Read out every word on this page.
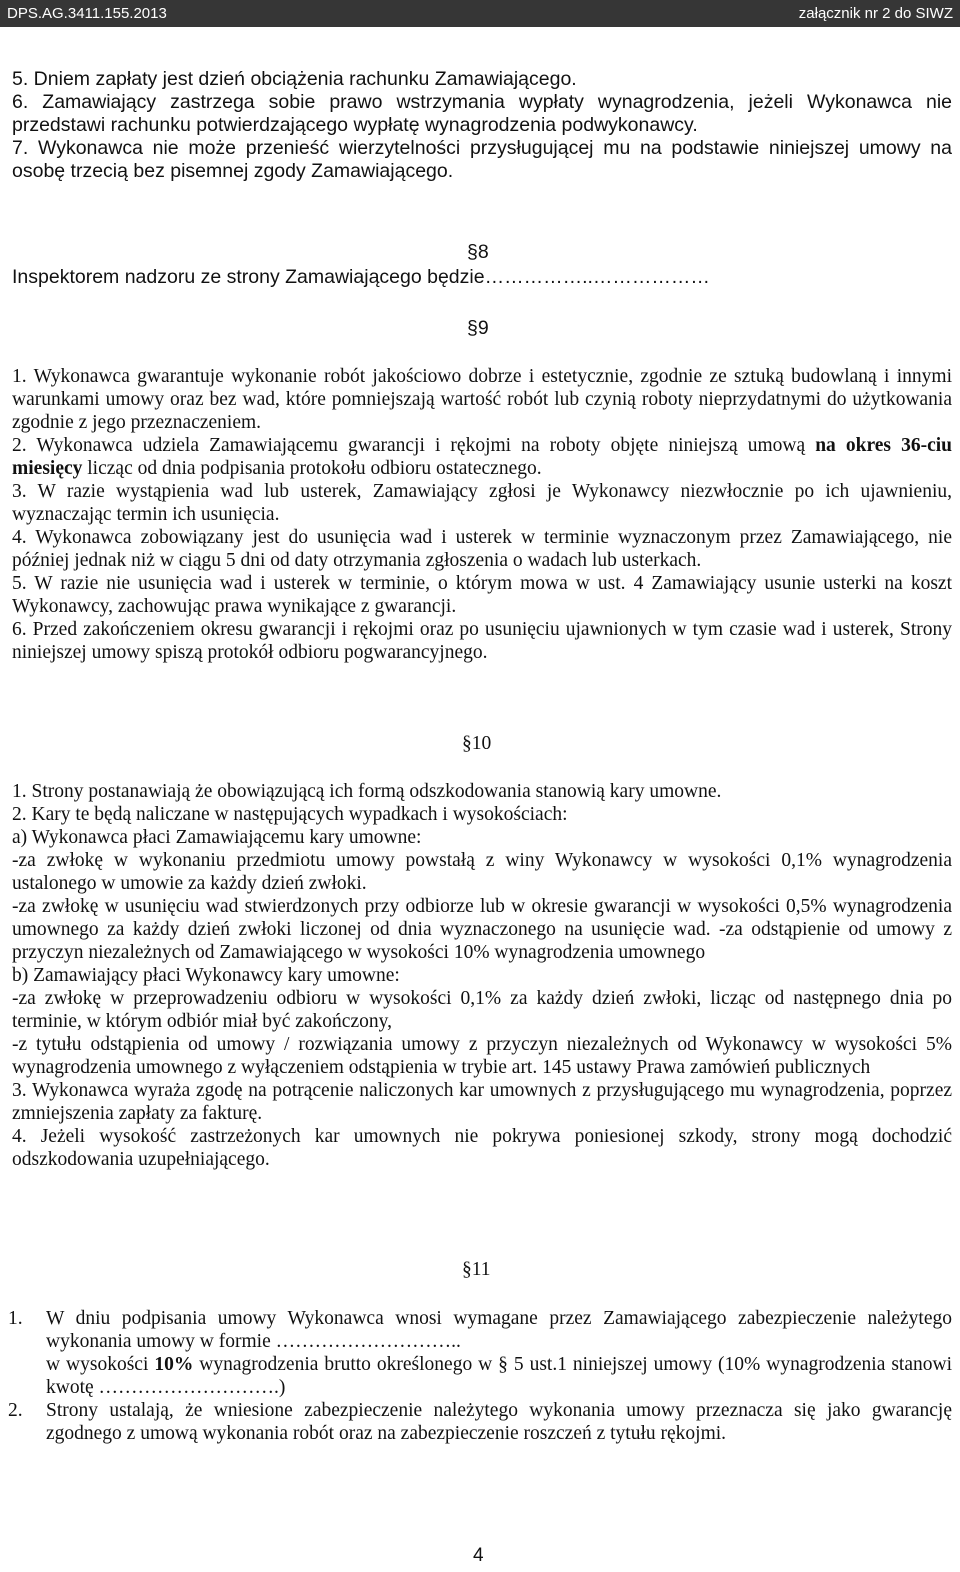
DPS.AG.3411.155.2013	załącznik nr 2 do SIWZ
5. Dniem zapłaty jest dzień obciążenia rachunku Zamawiającego.
6. Zamawiający zastrzega sobie prawo wstrzymania wypłaty wynagrodzenia, jeżeli Wykonawca nie przedstawi rachunku potwierdzającego wypłatę wynagrodzenia podwykonawcy.
7. Wykonawca nie może przenieść wierzytelności przysługującej mu na podstawie niniejszej umowy na osobę trzecią bez pisemnej zgody Zamawiającego.
§8
Inspektorem nadzoru ze strony Zamawiającego będzie……………..………………
§9
1. Wykonawca gwarantuje wykonanie robót jakościowo dobrze i estetycznie, zgodnie ze sztuką budowlaną i innymi warunkami umowy oraz bez wad, które pomniejszają wartość robót lub czynią roboty nieprzydatnymi do użytkowania zgodnie z jego przeznaczeniem.
2. Wykonawca udziela Zamawiającemu gwarancji i rękojmi na roboty objęte niniejszą umową na okres 36-ciu miesięcy licząc od dnia podpisania protokołu odbioru ostatecznego.
3. W razie wystąpienia wad lub usterek, Zamawiający zgłosi je Wykonawcy niezwłocznie po ich ujawnieniu, wyznaczając termin ich usunięcia.
4. Wykonawca zobowiązany jest do usunięcia wad i usterek w terminie wyznaczonym przez Zamawiającego, nie później jednak niż w ciągu 5 dni od daty otrzymania zgłoszenia o wadach lub usterkach.
5. W razie nie usunięcia wad i usterek w terminie, o którym mowa w ust. 4 Zamawiający usunie usterki na koszt Wykonawcy, zachowując prawa wynikające z gwarancji.
6. Przed zakończeniem okresu gwarancji i rękojmi oraz po usunięciu ujawnionych w tym czasie wad i usterek, Strony niniejszej umowy spiszą protokół odbioru pogwarancyjnego.
§10
1. Strony postanawiają że obowiązującą ich formą odszkodowania stanowią kary umowne.
2. Kary te będą naliczane w następujących wypadkach i wysokościach:
a) Wykonawca płaci Zamawiającemu kary umowne:
-za zwłokę w wykonaniu przedmiotu umowy powstałą z winy Wykonawcy w wysokości 0,1% wynagrodzenia ustalonego w umowie za każdy dzień zwłoki.
-za zwłokę w usunięciu wad stwierdzonych przy odbiorze lub w okresie gwarancji w wysokości 0,5% wynagrodzenia umownego za każdy dzień zwłoki liczonej od dnia wyznaczonego na usunięcie wad. -za odstąpienie od umowy z przyczyn niezależnych od Zamawiającego w wysokości 10% wynagrodzenia umownego
b) Zamawiający płaci Wykonawcy kary umowne:
-za zwłokę w przeprowadzeniu odbioru w wysokości 0,1% za każdy dzień zwłoki, licząc od następnego dnia po terminie, w którym odbiór miał być zakończony,
-z tytułu odstąpienia od umowy / rozwiązania umowy z przyczyn niezależnych od Wykonawcy w wysokości 5% wynagrodzenia umownego z wyłączeniem odstąpienia w trybie art. 145 ustawy Prawa zamówień publicznych
3. Wykonawca wyraża zgodę na potrącenie naliczonych kar umownych z przysługującego mu wynagrodzenia, poprzez zmniejszenia zapłaty za fakturę.
4. Jeżeli wysokość zastrzeżonych kar umownych nie pokrywa poniesionej szkody, strony mogą dochodzić odszkodowania uzupełniającego.
§11
1. W dniu podpisania umowy Wykonawca wnosi wymagane przez Zamawiającego zabezpieczenie należytego wykonania umowy w formie ………………………..
w wysokości 10% wynagrodzenia brutto określonego w § 5 ust.1 niniejszej umowy (10% wynagrodzenia stanowi kwotę ……………………….)
2. Strony ustalają, że wniesione zabezpieczenie należytego wykonania umowy przeznacza się jako gwarancję zgodnego z umową wykonania robót oraz na zabezpieczenie roszczeń z tytułu rękojmi.
4
